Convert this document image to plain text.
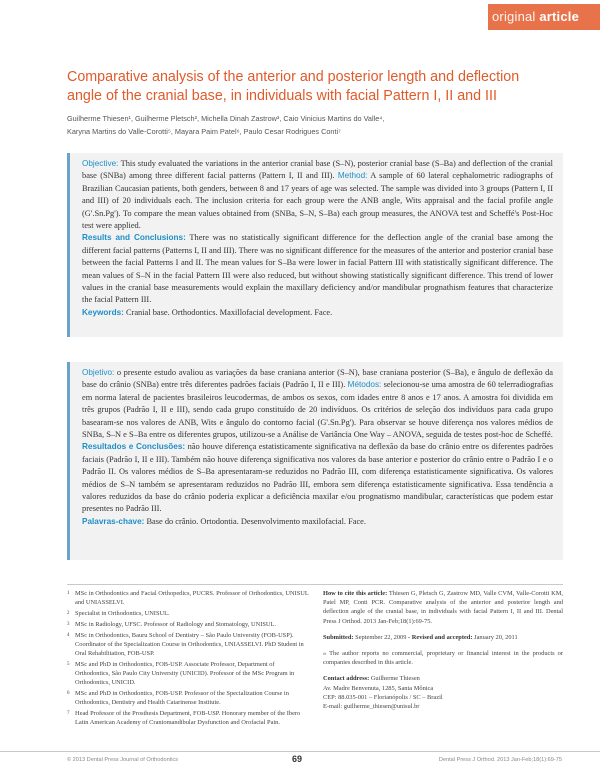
original article
Comparative analysis of the anterior and posterior length and deflection angle of the cranial base, in individuals with facial Pattern I, II and III
Guilherme Thiesen¹, Guilherme Pletsch², Michella Dinah Zastrow³, Caio Vinicius Martins do Valle⁴,
Karyna Martins do Valle-Corotti⁵, Mayara Paim Patel⁶, Paulo Cesar Rodrigues Conti⁷
Objective: This study evaluated the variations in the anterior cranial base (S–N), posterior cranial base (S–Ba) and deflection of the cranial base (SNBa) among three different facial patterns (Pattern I, II and III). Method: A sample of 60 lateral cephalometric radiographs of Brazilian Caucasian patients, both genders, between 8 and 17 years of age was selected. The sample was divided into 3 groups (Pattern I, II and III) of 20 individuals each. The inclusion criteria for each group were the ANB angle, Wits appraisal and the facial profile angle (G'.Sn.Pg'). To compare the mean values obtained from (SNBa, S–N, S–Ba) each group measures, the ANOVA test and Scheffé's Post-Hoc test were applied.
Results and Conclusions: There was no statistically significant difference for the deflection angle of the cranial base among the different facial patterns (Patterns I, II and III). There was no significant difference for the measures of the anterior and posterior cranial base between the facial Patterns I and II. The mean values for S–Ba were lower in facial Pattern III with statistically significant difference. The mean values of S–N in the facial Pattern III were also reduced, but without showing statistically significant difference. This trend of lower values in the cranial base measurements would explain the maxillary deficiency and/or mandibular prognathism features that characterize the facial Pattern III.
Keywords: Cranial base. Orthodontics. Maxillofacial development. Face.
Objetivo: o presente estudo avaliou as variações da base craniana anterior (S–N), base craniana posterior (S–Ba), e ângulo de deflexão da base do crânio (SNBa) entre três diferentes padrões faciais (Padrão I, II e III). Métodos: selecionou-se uma amostra de 60 telerradiografias em norma lateral de pacientes brasileiros leucodermas, de ambos os sexos, com idades entre 8 anos e 17 anos. A amostra foi dividida em três grupos (Padrão I, II e III), sendo cada grupo constituído de 20 indivíduos. Os critérios de seleção dos indivíduos para cada grupo basearam-se nos valores de ANB, Wits e ângulo do contorno facial (G'.Sn.Pg'). Para observar se houve diferença nos valores médios de SNBa, S–N e S–Ba entre os diferentes grupos, utilizou-se a Análise de Variância One Way – ANOVA, seguida de testes post-hoc de Scheffé.
Resultados e Conclusões: não houve diferença estatisticamente significativa na deflexão da base do crânio entre os diferentes padrões faciais (Padrão I, II e III). Também não houve diferença significativa nos valores da base anterior e posterior do crânio entre o Padrão I e o Padrão II. Os valores médios de S–Ba apresentaram-se reduzidos no Padrão III, com diferença estatisticamente significativa. Os valores médios de S–N também se apresentaram reduzidos no Padrão III, embora sem diferença estatisticamente significativa. Essa tendência a valores reduzidos da base do crânio poderia explicar a deficiência maxilar e/ou prognatismo mandibular, características que podem estar presentes no Padrão III.
Palavras-chave: Base do crânio. Ortodontia. Desenvolvimento maxilofacial. Face.
1 MSc in Orthodontics and Facial Orthopedics, PUCRS. Professor of Orthodontics, UNISUL and UNIASSELVI.
2 Specialist in Orthodontics, UNISUL.
3 MSc in Radiology, UFSC. Professor of Radiology and Stomatology, UNISUL.
4 MSc in Orthodontics, Bauru School of Dentistry – São Paulo University (FOB-USP). Coordinator of the Specialization Course in Orthodontics, UNIASSELVI. PhD Student in Oral Rehabilitation, FOB-USP.
5 MSc and PhD in Orthodontics, FOB-USP. Associate Professor, Department of Orthodontics, São Paulo City University (UNICID). Professor of the MSc Program in Orthodontics, UNICID.
6 MSc and PhD in Orthodontics, FOB-USP. Professor of the Specialization Course in Orthodontics, Dentistry and Health Catarinense Institute.
7 Head Professor of the Prosthesis Department, FOB-USP. Honorary member of the Ibero Latin American Academy of Craniomandibular Dysfunction and Orofacial Pain.

How to cite this article: Thiesen G, Pletsch G, Zastrow MD, Valle CVM, Valle-Corotti KM, Patel MP, Conti PCR. Comparative analysis of the anterior and posterior length and deflection angle of the cranial base, in individuals with facial Pattern I, II and III. Dental Press J Orthod. 2013 Jan-Feb;18(1):69-75.

Submitted: September 22, 2009 - Revised and accepted: January 20, 2011

» The author reports no commercial, proprietary or financial interest in the products or companies described in this article.

Contact address: Guilherme Thiesen
Av. Madre Benvenuta, 1285, Santa Mônica
CEP: 88.035-001 – Florianópolis / SC – Brazil
E-mail: guilherme_thiesen@unisul.br

© 2013 Dental Press Journal of Orthodontics	69	Dental Press J Orthod. 2013 Jan-Feb;18(1):69-75
